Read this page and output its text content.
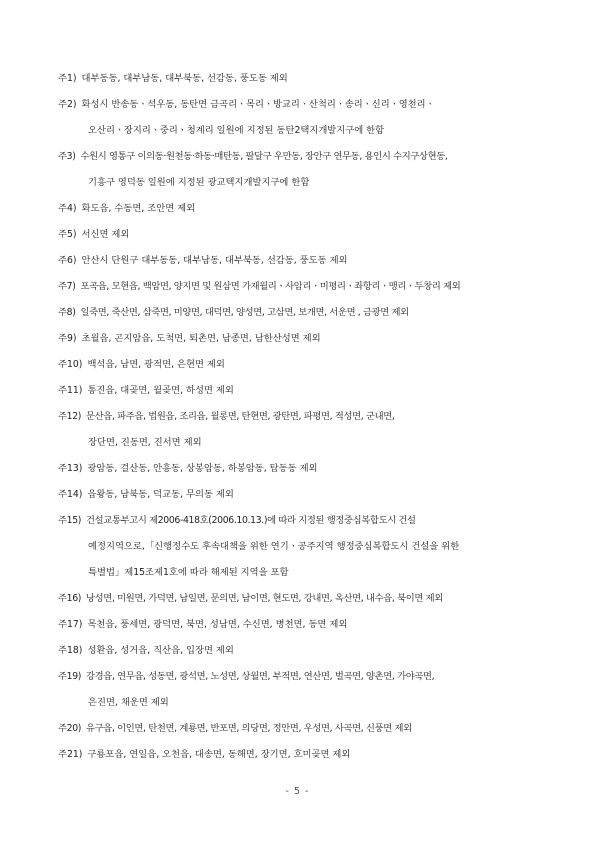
주1) 대부동동, 대부남동, 대부북동, 선감동, 풍도동 제외
주2) 화성시 반송동ㆍ석우동, 동탄면 금곡리ㆍ목리ㆍ방교리ㆍ산척리ㆍ송리ㆍ신리ㆍ영천리ㆍ
오산리ㆍ장지리ㆍ중리ㆍ청계리 일원에 지정된 동탄2택지개발지구에 한함
주3) 수원시 영통구 이의동·원천동·하동·매탄동, 팔달구 우만동, 장안구 연무동, 용인시 수지구상현동,
기흥구 영덕동 일원에 지정된 광교택지개발지구에 한함
주4) 화도읍, 수동면, 조안면 제외
주5) 서신면 제외
주6) 안산시 단원구 대부동동, 대부남동, 대부북동, 선감동, 풍도동 제외
주7) 포곡읍, 모현읍, 백암면, 양지면 및 원삼면 가재월리ㆍ사암리ㆍ미평리ㆍ좌항리ㆍ맹리ㆍ두창리 제외
주8) 일죽면, 죽산면, 삼죽면, 미양면, 대덕면, 양성면, 고삼면, 보개면, 서운면 , 금광면 제외
주9) 초월읍, 곤지암읍, 도척면, 퇴촌면, 남종면, 남한산성면 제외
주10) 백석읍, 남면, 광적면, 은현면 제외
주11) 통진읍, 대곶면, 월곶면, 하성면 제외
주12) 문산읍, 파주읍, 법원읍, 조리읍, 월롱면, 탄현면, 광탄면, 파평면, 적성면, 군내면,
장단면, 진동면, 진서면 제외
주13) 광암동, 걸산동, 안흥동, 상봉암동, 하봉암동, 탑동동 제외
주14) 읍왕동, 남북동, 덕교동, 무의동 제외
주15) 건설교통부고시 제2006-418호(2006.10.13.)에 따라 지정된 행정중심복합도시 건설
예정지역으로,「신행정수도 후속대책을 위한 연기ㆍ공주지역 행정중심복합도시 건설을 위한
특별법」제15조제1호에 따라 해제된 지역을 포함
주16) 낭성면, 미원면, 가덕면, 남일면, 문의면, 남이면, 현도면, 강내면, 옥산면, 내수읍, 북이면 제외
주17) 목천읍, 풍세면, 광덕면, 북면, 성남면, 수신면, 병천면, 동면 제외
주18) 성환읍, 성거읍, 직산읍, 입장면 제외
주19) 강경읍, 연무읍, 성동면, 광석면, 노성면, 상월면, 부적면, 연산면, 벌곡면, 양촌면, 가야곡면,
은진면, 채운면 제외
주20) 유구읍, 이인면, 탄천면, 계룡면, 반포면, 의당면, 정안면, 우성면, 사곡면, 신풍면 제외
주21) 구룡포읍, 연일읍, 오천읍, 대송면, 동해면, 장기면, 호미곶면 제외
- 5 -
